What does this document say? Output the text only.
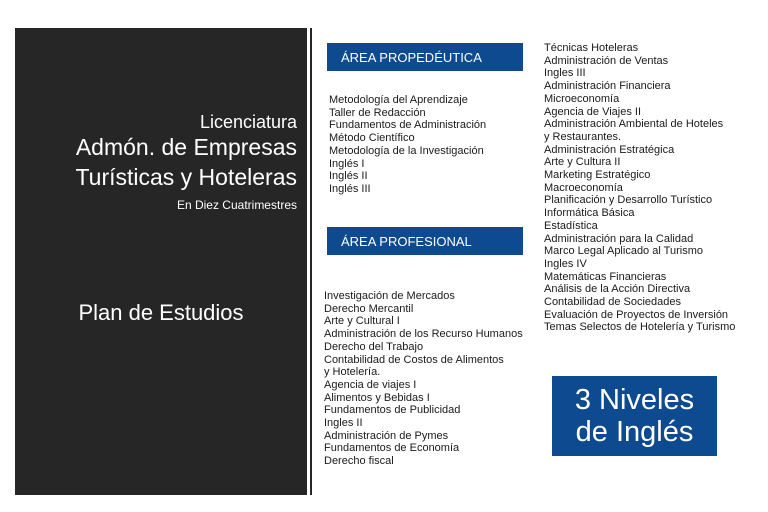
Licenciatura
Admón. de Empresas
Turísticas y Hoteleras
En Diez Cuatrimestres
Plan de Estudios
ÁREA PROPEDÉUTICA
Metodología del Aprendizaje
Taller de Redacción
Fundamentos de Administración
Método Científico
Metodología de la Investigación
Inglés I
Inglés II
Inglés III
ÁREA PROFESIONAL
Investigación de Mercados
Derecho Mercantil
Arte y Cultural I
Administración de los Recurso Humanos
Derecho del Trabajo
Contabilidad de Costos de Alimentos
y Hotelería.
Agencia de viajes I
Alimentos y Bebidas I
Fundamentos de Publicidad
Ingles II
Administración de Pymes
Fundamentos de Economía
Derecho fiscal
Técnicas Hoteleras
Administración de Ventas
Ingles III
Administración Financiera
Microeconomía
Agencia de Viajes II
Administración Ambiental de Hoteles
y Restaurantes.
Administración Estratégica
Arte y Cultura II
Marketing Estratégico
Macroeconomía
Planificación y Desarrollo Turístico
Informática Básica
Estadística
Administración para la Calidad
Marco Legal Aplicado al Turismo
Ingles IV
Matemáticas Financieras
Análisis de la Acción Directiva
Contabilidad de Sociedades
Evaluación de Proyectos de Inversión
Temas Selectos de Hotelería y Turismo
3 Niveles
de Inglés
